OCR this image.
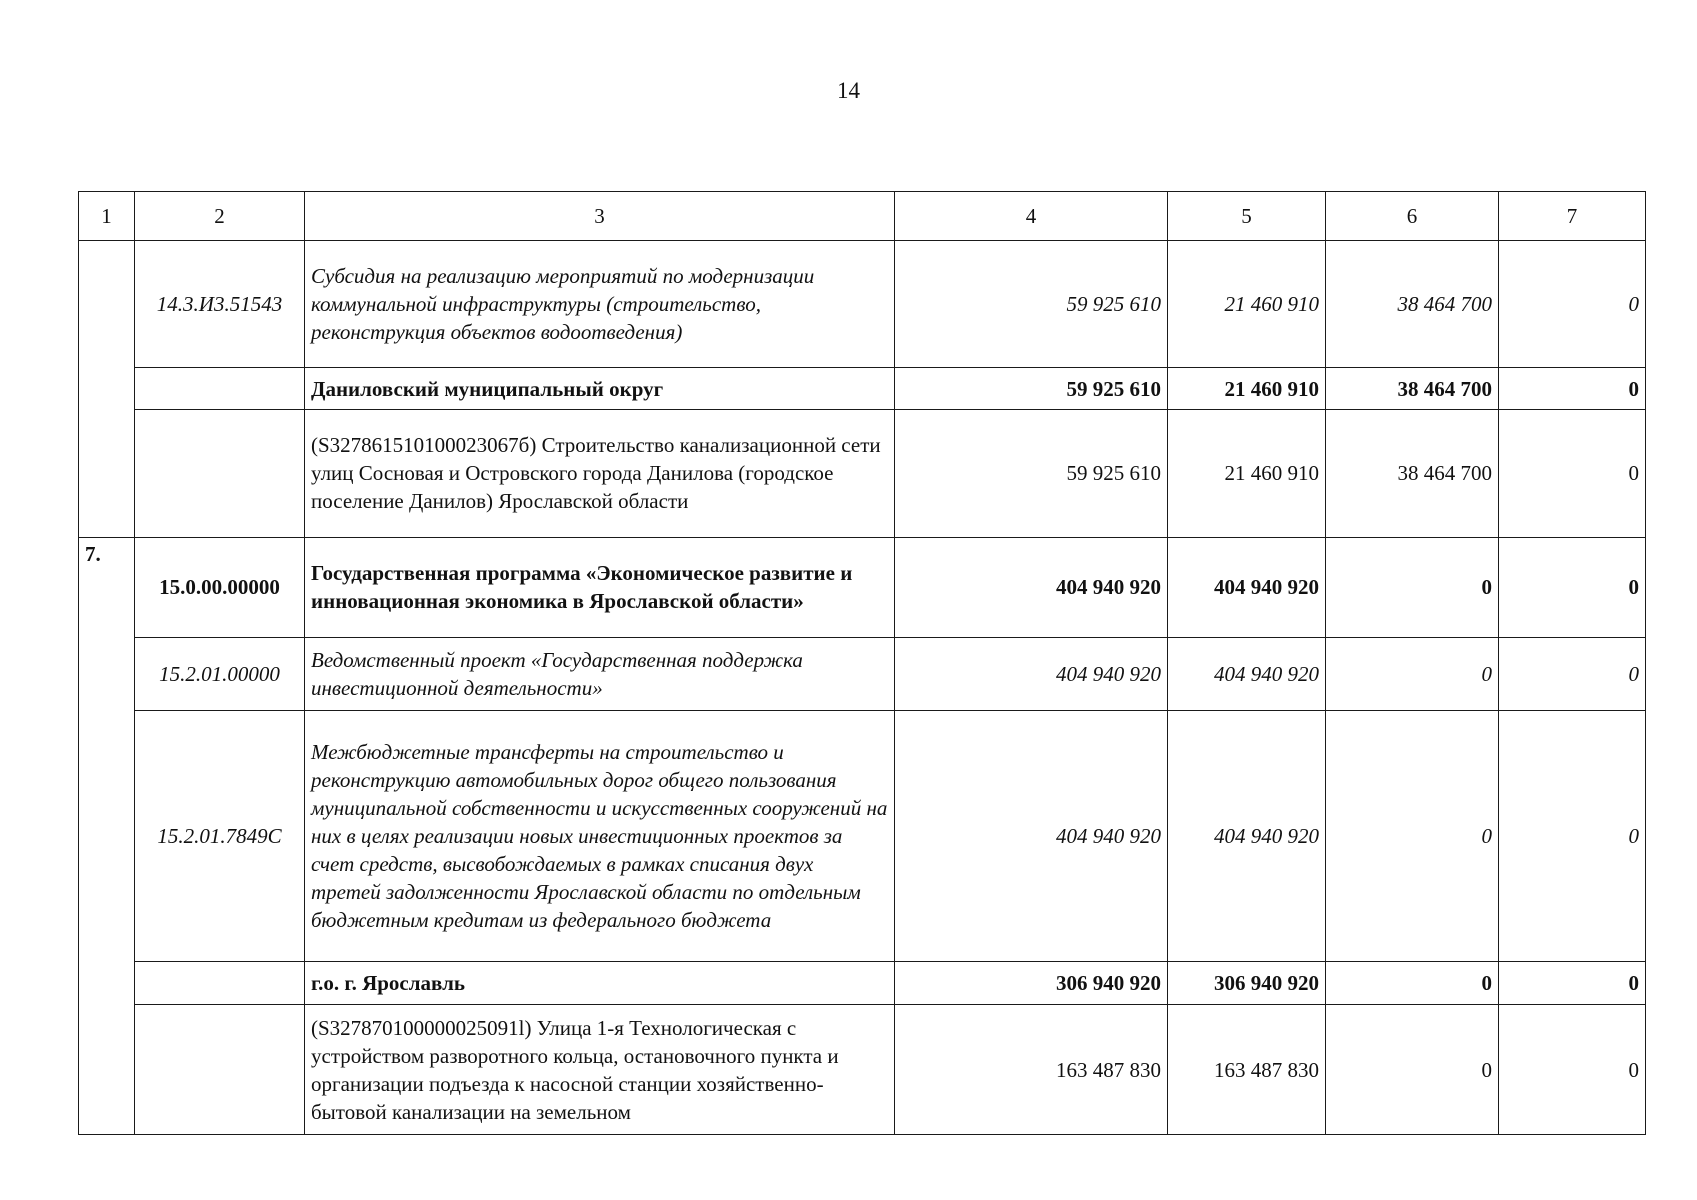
14
1	2	3	4	5	6	7
	14.3.И3.51543	Субсидия на реализацию мероприятий по модернизации коммунальной инфраструктуры (строительство, реконструкция объектов водоотведения)	59 925 610	21 460 910	38 464 700	0
		Даниловский муниципальный округ	59 925 610	21 460 910	38 464 700	0
		(S327861510100023067б) Строительство канализационной сети улиц Сосновая и Островского города Данилова (городское поселение Данилов) Ярославской области	59 925 610	21 460 910	38 464 700	0
7.	15.0.00.00000	Государственная программа «Экономическое развитие и инновационная экономика в Ярославской области»	404 940 920	404 940 920	0	0
	15.2.01.00000	Ведомственный проект «Государственная поддержка инвестиционной деятельности»	404 940 920	404 940 920	0	0
	15.2.01.7849С	Межбюджетные трансферты на строительство и реконструкцию автомобильных дорог общего пользования муниципальной собственности и искусственных сооружений на них в целях реализации новых инвестиционных проектов за счет средств, высвобождаемых в рамках списания двух третей задолженности Ярославской области по отдельным бюджетным кредитам из федерального бюджета	404 940 920	404 940 920	0	0
		г.о. г. Ярославль	306 940 920	306 940 920	0	0
		(S327870100000025091l) Улица 1-я Технологическая с устройством разворотного кольца, остановочного пункта и организации подъезда к насосной станции хозяйственно-бытовой канализации на земельном	163 487 830	163 487 830	0	0
